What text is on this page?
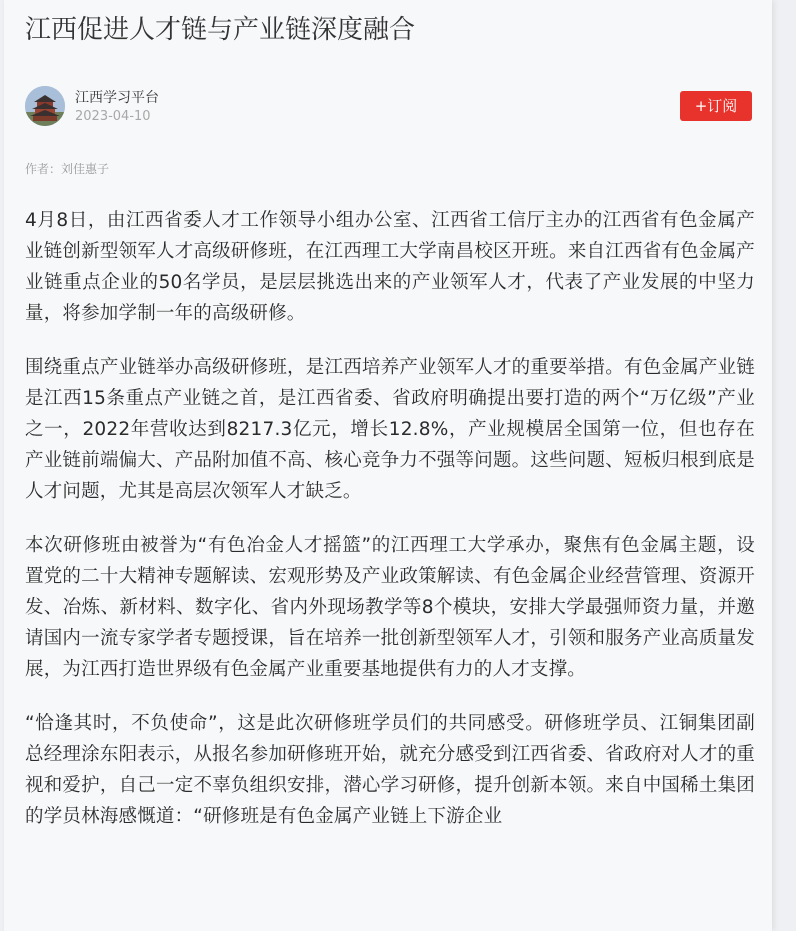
江西促进人才链与产业链深度融合
江西学习平台
2023-04-10
+订阅
作者：刘佳惠子

4月8日，由江西省委人才工作领导小组办公室、江西省工信厅主办的江西省有色金属产业链创新型领军人才高级研修班，在江西理工大学南昌校区开班。来自江西省有色金属产业链重点企业的50名学员，是层层挑选出来的产业领军人才，代表了产业发展的中坚力量，将参加学制一年的高级研修。

围绕重点产业链举办高级研修班，是江西培养产业领军人才的重要举措。有色金属产业链是江西15条重点产业链之首，是江西省委、省政府明确提出要打造的两个“万亿级”产业之一，2022年营收达到8217.3亿元，增长12.8%，产业规模居全国第一位，但也存在产业链前端偏大、产品附加值不高、核心竞争力不强等问题。这些问题、短板归根到底是人才问题，尤其是高层次领军人才缺乏。

本次研修班由被誉为“有色冶金人才摇篮”的江西理工大学承办，聚焦有色金属主题，设置党的二十大精神专题解读、宏观形势及产业政策解读、有色金属企业经营管理、资源开发、冶炼、新材料、数字化、省内外现场教学等8个模块，安排大学最强师资力量，并邀请国内一流专家学者专题授课，旨在培养一批创新型领军人才，引领和服务产业高质量发展，为江西打造世界级有色金属产业重要基地提供有力的人才支撑。

“恰逢其时，不负使命”，这是此次研修班学员们的共同感受。研修班学员、江铜集团副总经理涂东阳表示，从报名参加研修班开始，就充分感受到江西省委、省政府对人才的重视和爱护，自己一定不辜负组织安排，潜心学习研修，提升创新本领。来自中国稀土集团的学员林海感慨道：“研修班是有色金属产业链上下游企业
